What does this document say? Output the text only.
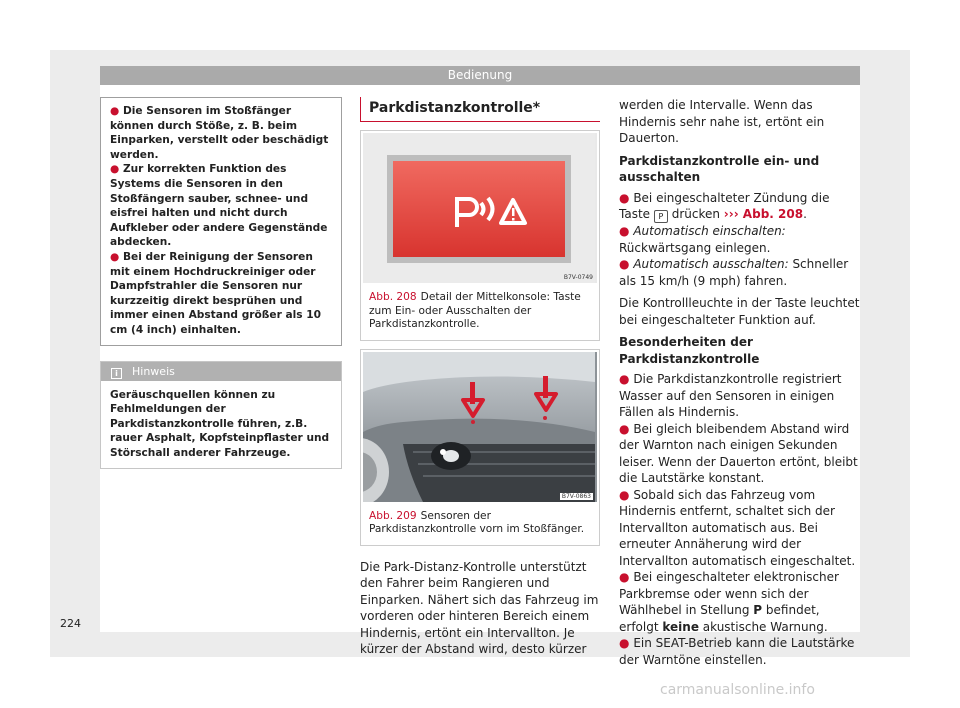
Bedienung

● Die Sensoren im Stoßfänger können durch Stöße, z. B. beim Einparken, verstellt oder beschädigt werden.

● Zur korrekten Funktion des Systems die Sensoren in den Stoßfängern sauber, schnee- und eisfrei halten und nicht durch Aufkleber oder andere Gegenstände abdecken.

● Bei der Reinigung der Sensoren mit einem Hochdruckreiniger oder Dampfstrahler die Sensoren nur kurzzeitig direkt besprühen und immer einen Abstand größer als 10 cm (4 inch) einhalten.

i Hinweis
Geräuschquellen können zu Fehlmeldungen der Parkdistanzkontrolle führen, z.B. rauer Asphalt, Kopfsteinpflaster und Störschall anderer Fahrzeuge.
Parkdistanzkontrolle*
B7V-0749
Abb. 208 Detail der Mittelkonsole: Taste zum Ein- oder Ausschalten der Parkdistanzkontrolle.
B7V-0863
Abb. 209 Sensoren der Parkdistanzkontrolle vorn im Stoßfänger.

Die Park-Distanz-Kontrolle unterstützt den Fahrer beim Rangieren und Einparken. Nähert sich das Fahrzeug im vorderen oder hinteren Bereich einem Hindernis, ertönt ein Intervallton. Je kürzer der Abstand wird, desto kürzer

werden die Intervalle. Wenn das Hindernis sehr nahe ist, ertönt ein Dauerton.

Parkdistanzkontrolle ein- und ausschalten

● Bei eingeschalteter Zündung die Taste P drücken ››› Abb. 208.

● Automatisch einschalten: Rückwärtsgang einlegen.

● Automatisch ausschalten: Schneller als 15 km/h (9 mph) fahren.

Die Kontrollleuchte in der Taste leuchtet bei eingeschalteter Funktion auf.

Besonderheiten der Parkdistanzkontrolle

● Die Parkdistanzkontrolle registriert Wasser auf den Sensoren in einigen Fällen als Hindernis.

● Bei gleich bleibendem Abstand wird der Warnton nach einigen Sekunden leiser. Wenn der Dauerton ertönt, bleibt die Lautstärke konstant.

● Sobald sich das Fahrzeug vom Hindernis entfernt, schaltet sich der Intervallton automatisch aus. Bei erneuter Annäherung wird der Intervallton automatisch eingeschaltet.

● Bei eingeschalteter elektronischer Parkbremse oder wenn sich der Wählhebel in Stellung P befindet, erfolgt keine akustische Warnung.

● Ein SEAT-Betrieb kann die Lautstärke der Warntöne einstellen.

224
carmanualsonline.info
